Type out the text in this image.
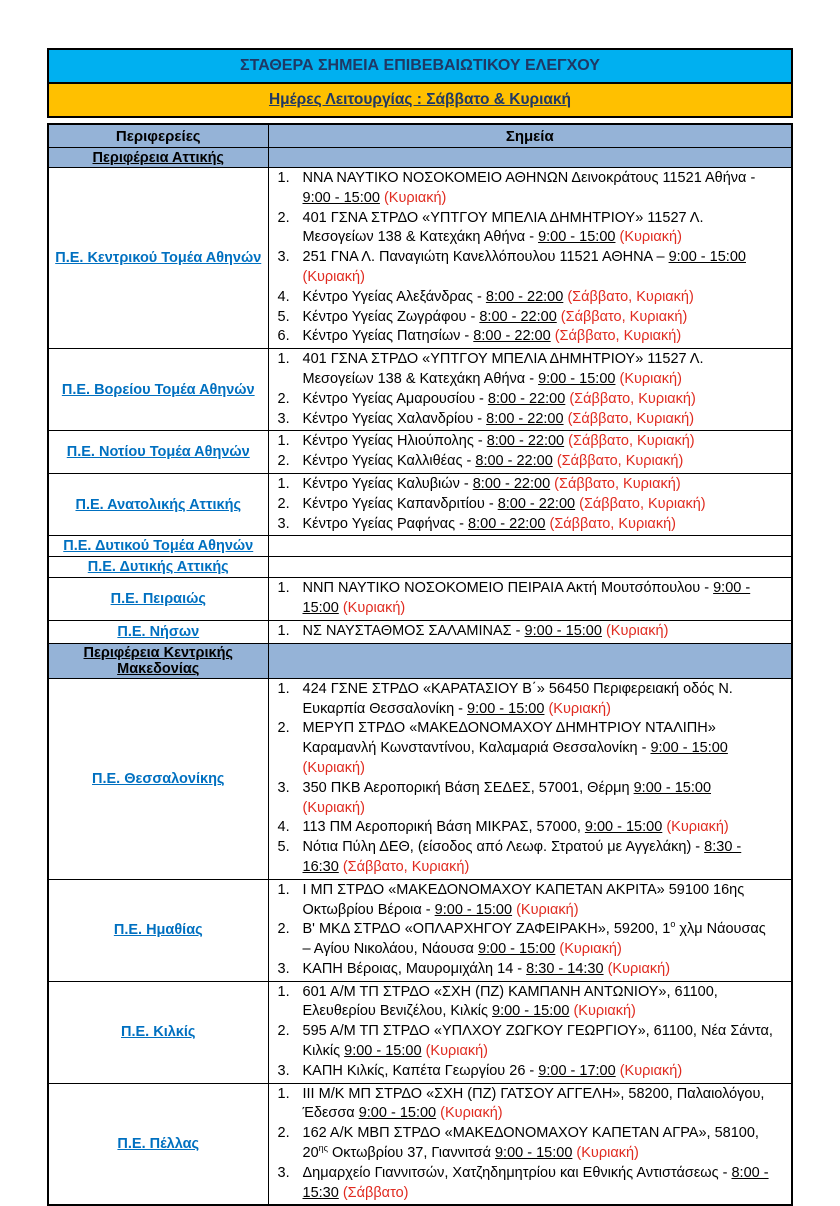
ΣΤΑΘΕΡΑ ΣΗΜΕΙΑ ΕΠΙΒΕΒΑΙΩΤΙΚΟΥ ΕΛΕΓΧΟΥ
Ημέρες Λειτουργίας : Σάββατο & Κυριακή
Περιφερείες	Σημεία
Περιφέρεια Αττικής	
Π.Ε. Κεντρικού Τομέα Αθηνών	
1. ΝΝΑ ΝΑΥΤΙΚΟ ΝΟΣΟΚΟΜΕΙΟ ΑΘΗΝΩΝ Δεινοκράτους 11521 Αθήνα - 9:00 - 15:00 (Κυριακή)
2. 401 ΓΣΝΑ ΣΤΡΔΟ «ΥΠΤΓΟΥ ΜΠΕΛΙΑ ΔΗΜΗΤΡΙΟΥ» 11527 Λ. Μεσογείων 138 & Κατεχάκη Αθήνα - 9:00 - 15:00 (Κυριακή)
3. 251 ΓΝΑ Λ. Παναγιώτη Κανελλόπουλου 11521 ΑΘΗΝΑ – 9:00 - 15:00 (Κυριακή)
4. Κέντρο Υγείας Αλεξάνδρας - 8:00 - 22:00 (Σάββατο, Κυριακή)
5. Κέντρο Υγείας Ζωγράφου - 8:00 - 22:00 (Σάββατο, Κυριακή)
6. Κέντρο Υγείας Πατησίων - 8:00 - 22:00 (Σάββατο, Κυριακή)

Π.Ε. Βορείου Τομέα Αθηνών	
1. 401 ΓΣΝΑ ΣΤΡΔΟ «ΥΠΤΓΟΥ ΜΠΕΛΙΑ ΔΗΜΗΤΡΙΟΥ» 11527 Λ. Μεσογείων 138 & Κατεχάκη Αθήνα - 9:00 - 15:00 (Κυριακή)
2. Κέντρο Υγείας Αμαρουσίου - 8:00 - 22:00 (Σάββατο, Κυριακή)
3. Κέντρο Υγείας Χαλανδρίου - 8:00 - 22:00 (Σάββατο, Κυριακή)

Π.Ε. Νοτίου Τομέα Αθηνών	
1. Κέντρο Υγείας Ηλιούπολης - 8:00 - 22:00 (Σάββατο, Κυριακή)
2. Κέντρο Υγείας Καλλιθέας - 8:00 - 22:00 (Σάββατο, Κυριακή)

Π.Ε. Ανατολικής Αττικής	
1. Κέντρο Υγείας Καλυβιών - 8:00 - 22:00 (Σάββατο, Κυριακή)
2. Κέντρο Υγείας Καπανδριτίου - 8:00 - 22:00 (Σάββατο, Κυριακή)
3. Κέντρο Υγείας Ραφήνας - 8:00 - 22:00 (Σάββατο, Κυριακή)

Π.Ε. Δυτικού Τομέα Αθηνών	
Π.Ε. Δυτικής Αττικής	
Π.Ε. Πειραιώς	
1. ΝΝΠ ΝΑΥΤΙΚΟ ΝΟΣΟΚΟΜΕΙΟ ΠΕΙΡΑΙΑ Ακτή Μουτσόπουλου - 9:00 - 15:00 (Κυριακή)

Π.Ε. Νήσων	1. ΝΣ ΝΑΥΣΤΑΘΜΟΣ ΣΑΛΑΜΙΝΑΣ - 9:00 - 15:00 (Κυριακή)

Περιφέρεια Κεντρικής Μακεδονίας	
Π.Ε. Θεσσαλονίκης	
1. 424 ΓΣΝΕ ΣΤΡΔΟ «ΚΑΡΑΤΑΣΙΟΥ Β΄» 56450 Περιφερειακή οδός Ν. Ευκαρπία Θεσσαλονίκη - 9:00 - 15:00 (Κυριακή)
2. ΜΕΡΥΠ ΣΤΡΔΟ «ΜΑΚΕΔΟΝΟΜΑΧΟΥ ΔΗΜΗΤΡΙΟΥ ΝΤΑΛΙΠΗ»
Καραμανλή Κωνσταντίνου, Καλαμαριά Θεσσαλονίκη - 9:00 - 15:00 (Κυριακή)
3. 350 ΠΚΒ Αεροπορική Βάση ΣΕΔΕΣ, 57001, Θέρμη 9:00 - 15:00 (Κυριακή)
4. 113 ΠΜ Αεροπορική Βάση ΜΙΚΡΑΣ, 57000, 9:00 - 15:00 (Κυριακή)
5. Νότια Πύλη ΔΕΘ, (είσοδος από Λεωφ. Στρατού με Αγγελάκη) - 8:30 - 16:30 (Σάββατο, Κυριακή)

Π.Ε. Ημαθίας	
1. Ι ΜΠ ΣΤΡΔΟ «ΜΑΚΕΔΟΝΟΜΑΧΟΥ ΚΑΠΕΤΑΝ ΑΚΡΙΤΑ» 59100 16ης Οκτωβρίου Βέροια - 9:00 - 15:00 (Κυριακή)
2. Β' ΜΚΔ ΣΤΡΔΟ «ΟΠΛΑΡΧΗΓΟΥ ΖΑΦΕΙΡΑΚΗ», 59200, $1^o$ χλμ Νάουσας – Αγίου Νικολάου, Νάουσα 9:00 - 15:00 (Κυριακή)
3. ΚΑΠΗ Βέροιας, Μαυρομιχάλη 14 - 8:30 - 14:30 (Κυριακή)

Π.Ε. Κιλκίς	
1. 601 Α/Μ ΤΠ ΣΤΡΔΟ «ΣΧΗ (ΠΖ) ΚΑΜΠΑΝΗ ΑΝΤΩΝΙΟΥ», 61100, Ελευθερίου Βενιζέλου, Κιλκίς 9:00 - 15:00 (Κυριακή)
2. 595 Α/Μ ΤΠ ΣΤΡΔΟ «ΥΠΛΧΟΥ ΖΩΓΚΟΥ ΓΕΩΡΓΙΟΥ», 61100, Νέα Σάντα, Κιλκίς 9:00 - 15:00 (Κυριακή)
3. ΚΑΠΗ Κιλκίς, Καπέτα Γεωργίου 26 - 9:00 - 17:00 (Κυριακή)

Π.Ε. Πέλλας	
1. ΙΙΙ Μ/Κ ΜΠ ΣΤΡΔΟ «ΣΧΗ (ΠΖ) ΓΑΤΣΟΥ ΑΓΓΕΛΗ», 58200, Παλαιολόγου, Έδεσσα 9:00 - 15:00 (Κυριακή)
2. 162 Α/Κ ΜΒΠ ΣΤΡΔΟ «ΜΑΚΕΔΟΝΟΜΑΧΟΥ ΚΑΠΕΤΑΝ ΑΓΡΑ», 58100, $20^{\eta\varsigma}$ Οκτωβρίου 37, Γιαννιτσά 9:00 - 15:00 (Κυριακή)
3. Δημαρχείο Γιαννιτσών, Χατζηδημητρίου και Εθνικής Αντιστάσεως - 8:00 - 15:30 (Σάββατο)
